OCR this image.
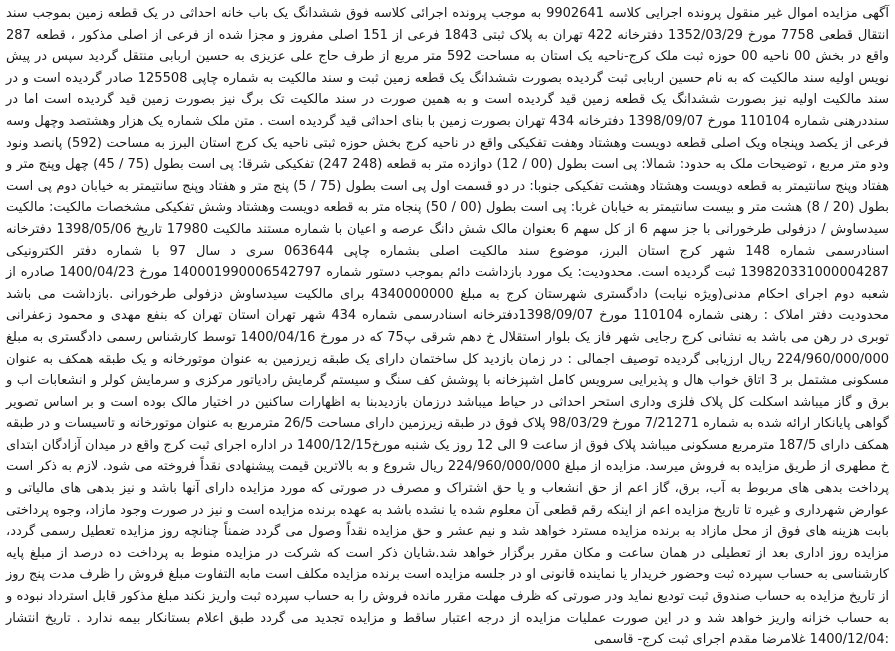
آگهی مزایده اموال غیر منقول پرونده اجرایی کلاسه 9902641 به موجب پرونده اجرائی کلاسه فوق ششدانگ یک باب خانه احداثی در یک قطعه زمین بموجب سند انتقال قطعی 7758 مورخ 1352/03/29 دفترخانه 422 تهران به پلاک ثبتی 1843 فرعی از 151 اصلی مفروز و مجزا شده از فرعی از اصلی مذکور ، قطعه 287 واقع در بخش 00 ناحیه 00 حوزه ثبت ملک کرج-ناحیه یک استان به مساحت 592 متر مربع از طرف حاج علی عزیزی به حسین اربابی منتقل گردید سپس در پیش نویس اولیه سند مالکیت که به نام حسین اربابی ثبت گردیده بصورت ششدانگ یک قطعه زمین ثبت و سند مالکیت به شماره چاپی 125508 صادر گردیده است و در سند مالکیت اولیه نیز بصورت ششدانگ یک قطعه زمین قید گردیده است و به همین صورت در سند مالکیت تک برگ نیز بصورت زمین قید گردیده است اما در سنددرهنی شماره 110104 مورخ 1398/09/07 دفترخانه 434 تهران بصورت زمین با بنای احداثی قید گردیده است . متن ملک شماره یک هزار وهشتصد وچهل وسه فرعی از یکصد وپنجاه ویک اصلی قطعه دویست وهشتاد وهفت تفکیکی واقع در ناحیه کرج بخش حوزه ثبتی ناحیه یک کرج استان البرز به مساحت (592) پانصد ونود ودو متر مربع ، توضیحات ملک به حدود: شمالا: پی است بطول (00 / 12) دوازده متر به قطعه (248 247) تفکیکی شرقا: پی است بطول (75 / 45) چهل وپنج متر و هفتاد وپنج سانتیمتر به قطعه دویست وهشتاد وهشت تفکیکی جنوبا: در دو قسمت اول پی است بطول (75 / 5) پنج متر و هفتاد وپنج سانتیمتر به خیابان دوم پی است بطول (20 / 8) هشت متر و بیست سانتیمتر به خیابان غربا: پی است بطول (00 / 50) پنجاه متر به قطعه دویست وهشتاد وشش تفکیکی مشخصات مالکیت: مالکیت سیدساوش / دزفولی طرخورانی با جز سهم 6 از کل سهم 6 بعنوان مالک شش دانگ عرصه و اعیان با شماره مستند مالکیت 17980 تاریخ 1398/05/06 دفترخانه اسنادرسمی شماره 148 شهر کرج استان البرز، موضوع سند مالکیت اصلی بشماره چاپی 063644 سری د سال 97 با شماره دفتر الکترونیکی 139820331000004287 ثبت گردیده است. محدودیت: یک مورد بازداشت دائم بموجب دستور شماره 140001990006542797 مورخ 1400/04/23 صادره از شعبه دوم اجرای احکام مدنی(ویژه نیابت) دادگستری شهرستان کرج به مبلغ 4340000000 برای مالکیت سیدساوش دزفولی طرخورانی .بازداشت می باشد محدودیت دفتر املاک : رهنی شماره 110104 مورخ 1398/09/07دفترخانه اسنادرسمی شماره 434 شهر تهران استان تهران که بنفع مهدی و محمود زعفرانی توبری در رهن می باشد به نشانی کرج رجایی شهر فاز یک بلوار استقلال خ دهم شرقی پ75 که در مورخ 1400/04/16 توسط کارشناس رسمی دادگستری به مبلغ 224/960/000/000 ریال ارزیابی گردیده توصیف اجمالی : در زمان بازدید کل ساختمان دارای یک طبقه زیرزمین به عنوان موتورخانه و یک طبقه همکف به عنوان مسکونی مشتمل بر 3 اتاق خواب هال و پذیرایی سرویس کامل اشپزخانه با پوشش کف سنگ و سیستم گرمایش رادیاتور مرکزی و سرمایش کولر و انشعابات اب و برق و گاز میباشد اسکلت کل پلاک فلزی وداری استحر احداثی در حیاط میباشد درزمان بازدیدبنا به اظهارات ساکنین در اختیار مالک بوده است و بر اساس تصویر گواهی پایانکار ارائه شده به شماره 7/21271 مورخ 98/03/29 پلاک فوق در طبقه زیرزمین دارای مساحت 26/5 مترمربع به عنوان موتورخانه و تاسیسات و در طبقه همکف دارای 187/5 مترمربع مسکونی میباشد پلاک فوق از ساعت 9 الی 12 روز یک شنبه مورخ1400/12/15 در اداره اجرای ثبت کرج واقع در میدان آزادگان ابتدای خ مطهری از طریق مزایده به فروش میرسد. مزایده از مبلغ 224/960/000/000 ریال شروع و به بالاترین قیمت پیشنهادی نقداً فروخته می شود. لازم به ذکر است پرداخت بدهی های مربوط به آب، برق، گاز اعم از حق انشعاب و یا حق اشتراک و مصرف در صورتی که مورد مزایده دارای آنها باشد و نیز بدهی های مالیاتی و عوارض شهرداری و غیره تا تاریخ مزایده اعم از اینکه رقم قطعی آن معلوم شده یا نشده باشد به عهده برنده مزایده است و نیز در صورت وجود مازاد، وجوه پرداختی بابت هزینه های فوق از محل مازاد به برنده مزایده مسترد خواهد شد و نیم عشر و حق مزایده نقداً وصول می گردد ضمناً چنانچه روز مزایده تعطیل رسمی گردد، مزایده روز اداری بعد از تعطیلی در همان ساعت و مکان مقرر برگزار خواهد شد.شایان ذکر است که شرکت در مزایده منوط به پرداخت ده درصد از مبلغ پایه کارشناسی به حساب سپرده ثبت وحضور خریدار یا نماینده قانونی او در جلسه مزایده است برنده مزایده مکلف است مابه التفاوت مبلغ فروش را ظرف مدت پنج روز از تاریخ مزایده به حساب صندوق ثبت تودیع نماید ودر صورتی که ظرف مهلت مقرر مانده فروش را به حساب سپرده ثبت واریز نکند مبلغ مذکور قابل استرداد نبوده و به حساب خزانه واریز خواهد شد و در این صورت عملیات مزایده از درجه اعتبار ساقط و مزایده تجدید می گردد طبق اعلام بستانکار بیمه ندارد . تاریخ انتشار :1400/12/04 غلامرضا مقدم اجرای ثبت کرج- قاسمی
